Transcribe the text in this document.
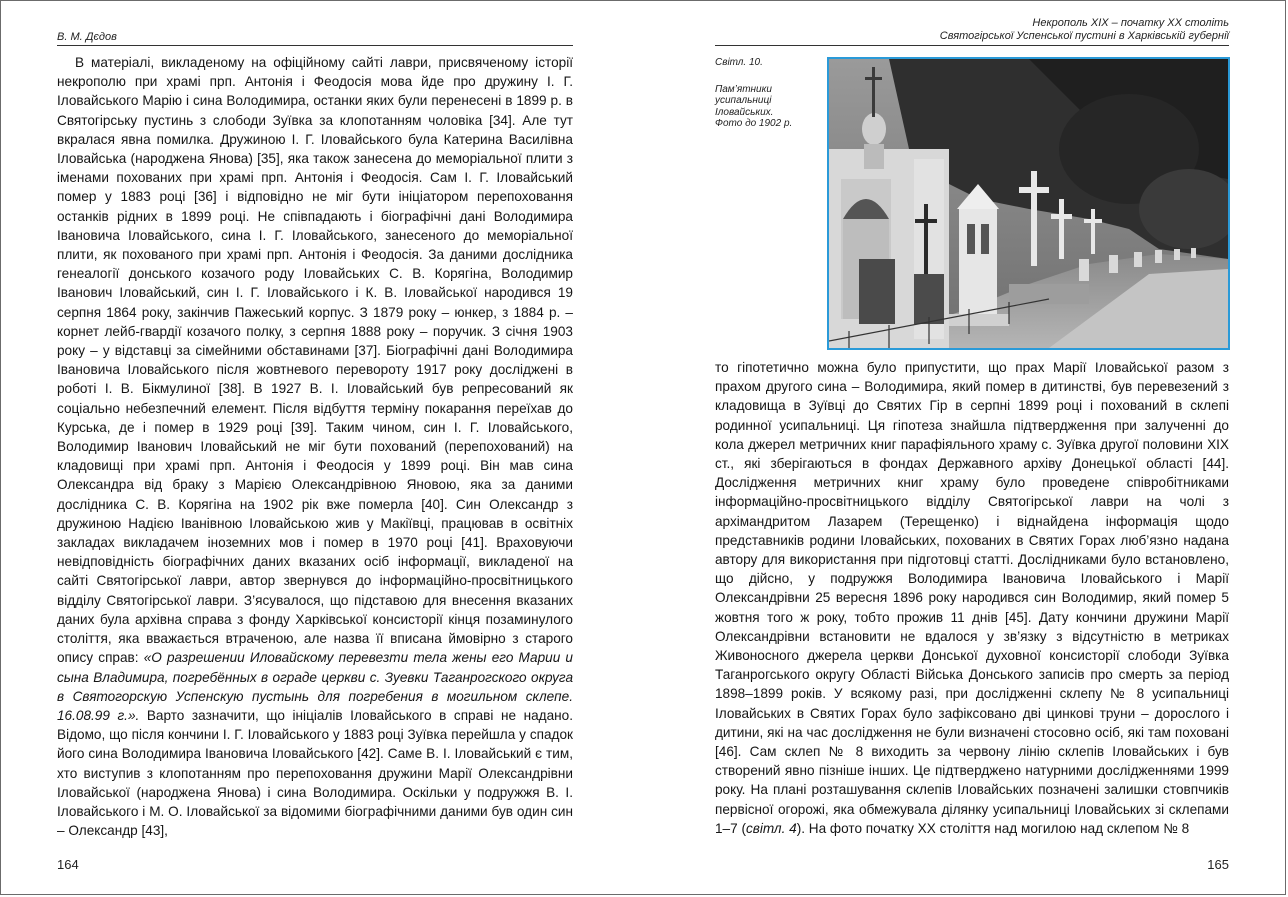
В. М. Дєдов

В матеріалі, викладеному на офіційному сайті лаври, присвяченому історії некрополю при храмі прп. Антонія і Феодосія мова йде про дружину І. Г. Іловайського Марію і сина Володимира, останки яких були перенесені в 1899 р. в Святогірську пустинь з слободи Зуївка за клопотанням чоловіка [34]. Але тут вкралася явна помилка. Дружиною І. Г. Іловайського була Катерина Василівна Іловайська (народжена Янова) [35], яка також занесена до меморіальної плити з іменами похованих при храмі прп. Антонія і Феодосія. Сам І. Г. Іловайський помер у 1883 році [36] і відповідно не міг бути ініціатором перепоховання останків рідних в 1899 році. Не співпадають і біографічні дані Володимира Івановича Іловайського, сина І. Г. Іловайського, занесеного до меморіальної плити, як похованого при храмі прп. Антонія і Феодосія. За даними дослідника генеалогії донського козачого роду Іловайських С. В. Корягіна, Володимир Іванович Іловайський, син І. Г. Іловайського і К. В. Іловайської народився 19 серпня 1864 року, закінчив Пажеський корпус. З 1879 року – юнкер, з 1884 р. – корнет лейб-гвардії козачого полку, з серпня 1888 року – поручик. З січня 1903 року – у відставці за сімейними обставинами [37]. Біографічні дані Володимира Івановича Іловайського після жовтневого перевороту 1917 року досліджені в роботі І. В. Бікмулиної [38]. В 1927 В. І. Іловайський був репресований як соціально небезпечний елемент. Після відбуття терміну покарання переїхав до Курська, де і помер в 1929 році [39]. Таким чином, син І. Г. Іловайського, Володимир Іванович Іловайський не міг бути похований (перепохований) на кладовищі при храмі прп. Антонія і Феодосія у 1899 році. Він мав сина Олександра від браку з Марією Олександрівною Яновою, яка за даними дослідника С. В. Корягіна на 1902 рік вже померла [40]. Син Олександр з дружиною Надією Іванівною Іловайською жив у Макіївці, працював в освітніх закладах викладачем іноземних мов і помер в 1970 році [41]. Враховуючи невідповідність біографічних даних вказаних осіб інформації, викладеної на сайті Святогірської лаври, автор звернувся до інформаційно-просвітницького відділу Святогірської лаври. З’ясувалося, що підставою для внесення вказаних даних була архівна справа з фонду Харківської консисторії кінця позаминулого століття, яка вважається втраченою, але назва її вписана ймовірно з старого опису справ: «О разрешении Иловайскому перевезти тела жены его Марии и сына Владимира, погребённых в ограде церкви с. Зуевки Таганрогского округа в Святогорскую Успенскую пустынь для погребения в могильном склепе. 16.08.99 г.». Варто зазначити, що ініціалів Іловайського в справі не надано. Відомо, що після кончини І. Г. Іловайського у 1883 році Зуївка перейшла у спадок його сина Володимира Івановича Іловайського [42]. Саме В. І. Іловайський є тим, хто виступив з клопотанням про перепоховання дружини Марії Олександрівни Іловайської (народжена Янова) і сина Володимира. Оскільки у подружжя В. І. Іловайського і М. О. Іловайської за відомими біографічними даними був один син – Олександр [43],

164
Некрополь ХІХ – початку ХХ століть
Святогірської Успенської пустині в Харківській губернії
Світл. 10.
Пам’ятники усипальниці Іловайських. Фото до 1902 р.

то гіпотетично можна було припустити, що прах Марії Іловайської разом з прахом другого сина – Володимира, який помер в дитинстві, був перевезений з кладовища в Зуївці до Святих Гір в серпні 1899 році і похований в склепі родинної усипальниці. Ця гіпотеза знайшла підтвердження при залученні до кола джерел метричних книг парафіяльного храму с. Зуївка другої половини ХІХ ст., які зберігаються в фондах Державного архіву Донецької області [44]. Дослідження метричних книг храму було проведене співробітниками інформаційно-просвітницького відділу Святогірської лаври на чолі з архімандритом Лазарем (Терещенко) і віднайдена інформація щодо представників родини Іловайських, похованих в Святих Горах люб’язно надана автору для використання при підготовці статті. Дослідниками було встановлено, що дійсно, у подружжя Володимира Івановича Іловайського і Марії Олександрівни 25 вересня 1896 року народився син Володимир, який помер 5 жовтня того ж року, тобто прожив 11 днів [45]. Дату кончини дружини Марії Олександрівни встановити не вдалося у зв’язку з відсутністю в метриках Живоносного джерела церкви Донської духовної консисторії слободи Зуївка Таганрогського округу Області Війська Донського записів про смерть за період 1898–1899 років. У всякому разі, при дослідженні склепу № 8 усипальниці Іловайських в Святих Горах було зафіксовано дві цинкові труни – дорослого і дитини, які на час дослідження не були визначені стосовно осіб, які там поховані [46]. Сам склеп № 8 виходить за червону лінію склепів Іловайських і був створений явно пізніше інших. Це підтверджено натурними дослідженнями 1999 року. На плані розташування склепів Іловайських позначені залишки стовпчиків первісної огорожі, яка обмежувала ділянку усипальниці Іловайських зі склепами 1–7 (світл. 4). На фото початку ХХ століття над могилою над склепом № 8

165
